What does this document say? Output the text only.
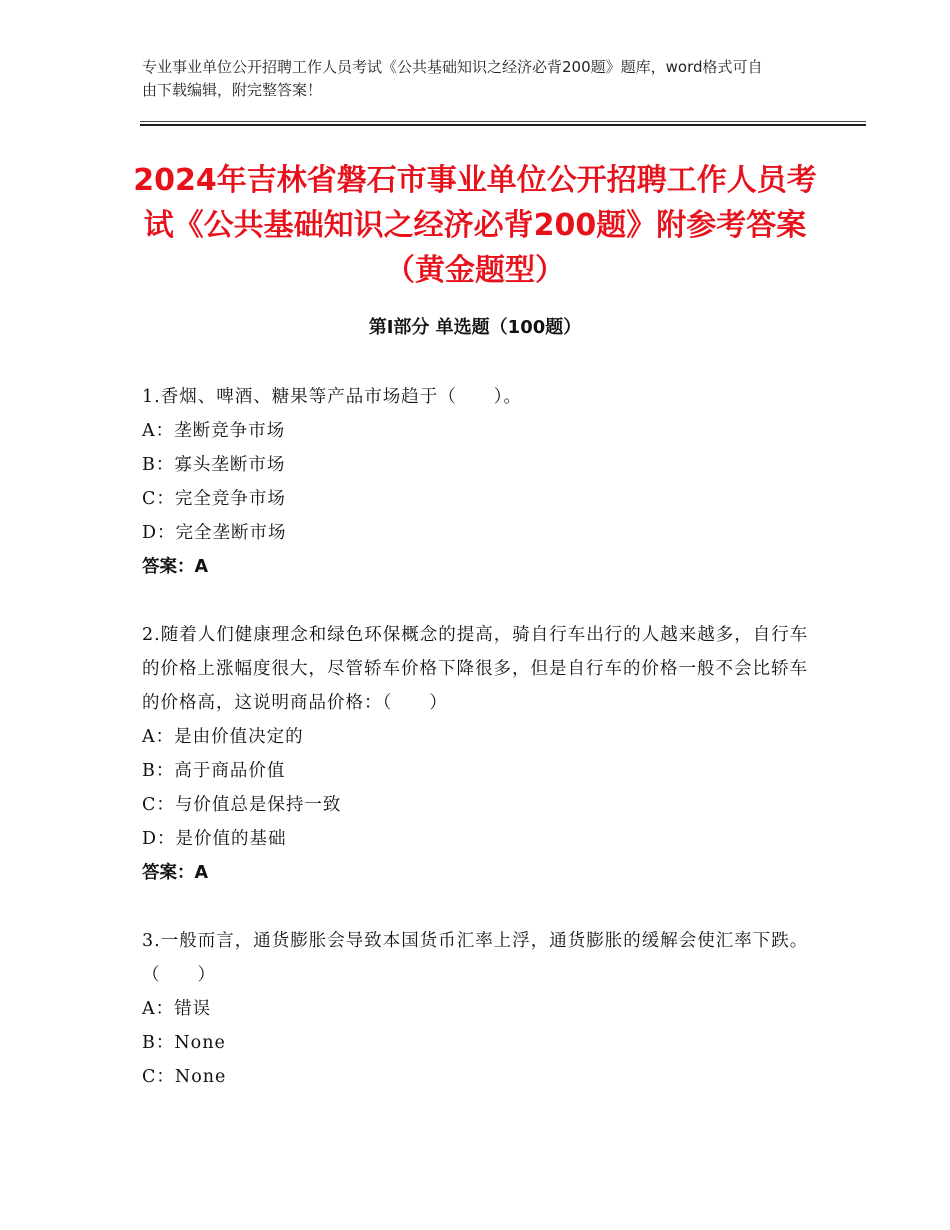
专业事业单位公开招聘工作人员考试《公共基础知识之经济必背200题》题库，word格式可自由下载编辑，附完整答案！
2024年吉林省磐石市事业单位公开招聘工作人员考试《公共基础知识之经济必背200题》附参考答案（黄金题型）
第Ⅰ部分 单选题（100题）
1.香烟、啤酒、糖果等产品市场趋于（　　）。
A：垄断竞争市场
B：寡头垄断市场
C：完全竞争市场
D：完全垄断市场
答案：A
2.随着人们健康理念和绿色环保概念的提高，骑自行车出行的人越来越多，自行车的价格上涨幅度很大，尽管轿车价格下降很多，但是自行车的价格一般不会比轿车的价格高，这说明商品价格：（　　）
A：是由价值决定的
B：高于商品价值
C：与价值总是保持一致
D：是价值的基础
答案：A
3.一般而言，通货膨胀会导致本国货币汇率上浮，通货膨胀的缓解会使汇率下跌。（　　）
A：错误
B：None
C：None
